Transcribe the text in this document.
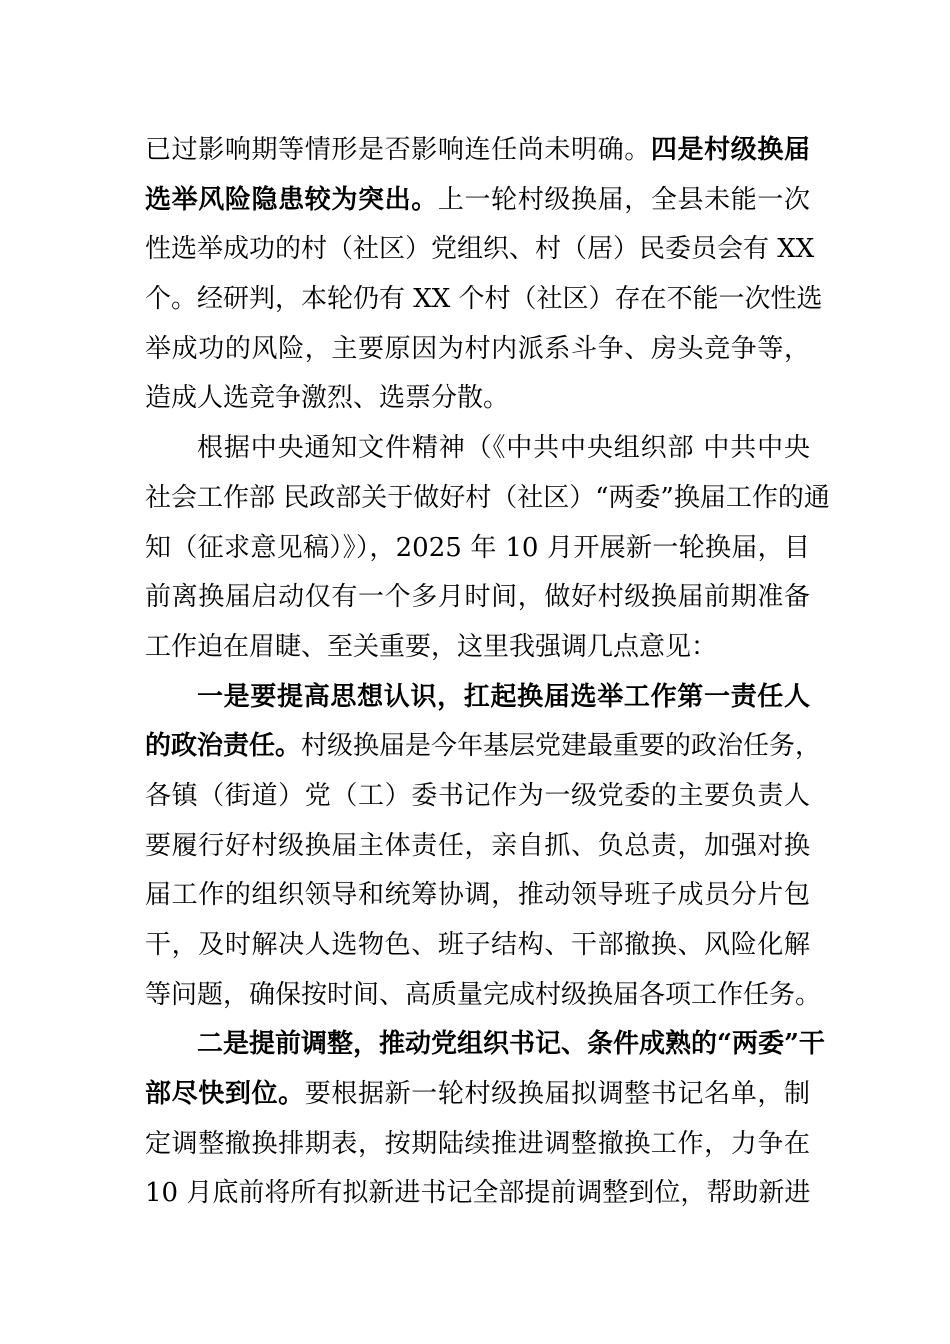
已过影响期等情形是否影响连任尚未明确。四是村级换届
选举风险隐患较为突出。上一轮村级换届，全县未能一次
性选举成功的村（社区）党组织、村（居）民委员会有 XX
个。经研判，本轮仍有 XX 个村（社区）存在不能一次性选
举成功的风险，主要原因为村内派系斗争、房头竞争等，
造成人选竞争激烈、选票分散。
根据中央通知文件精神（《中共中央组织部 中共中央
社会工作部 民政部关于做好村（社区）“两委”换届工作的通
知（征求意见稿）》），2025 年 10 月开展新一轮换届，目
前离换届启动仅有一个多月时间，做好村级换届前期准备
工作迫在眉睫、至关重要，这里我强调几点意见：
一是要提高思想认识，扛起换届选举工作第一责任人
的政治责任。村级换届是今年基层党建最重要的政治任务，
各镇（街道）党（工）委书记作为一级党委的主要负责人
要履行好村级换届主体责任，亲自抓、负总责，加强对换
届工作的组织领导和统筹协调，推动领导班子成员分片包
干，及时解决人选物色、班子结构、干部撤换、风险化解
等问题，确保按时间、高质量完成村级换届各项工作任务。
二是提前调整，推动党组织书记、条件成熟的“两委”干
部尽快到位。要根据新一轮村级换届拟调整书记名单，制
定调整撤换排期表，按期陆续推进调整撤换工作，力争在
10 月底前将所有拟新进书记全部提前调整到位，帮助新进
